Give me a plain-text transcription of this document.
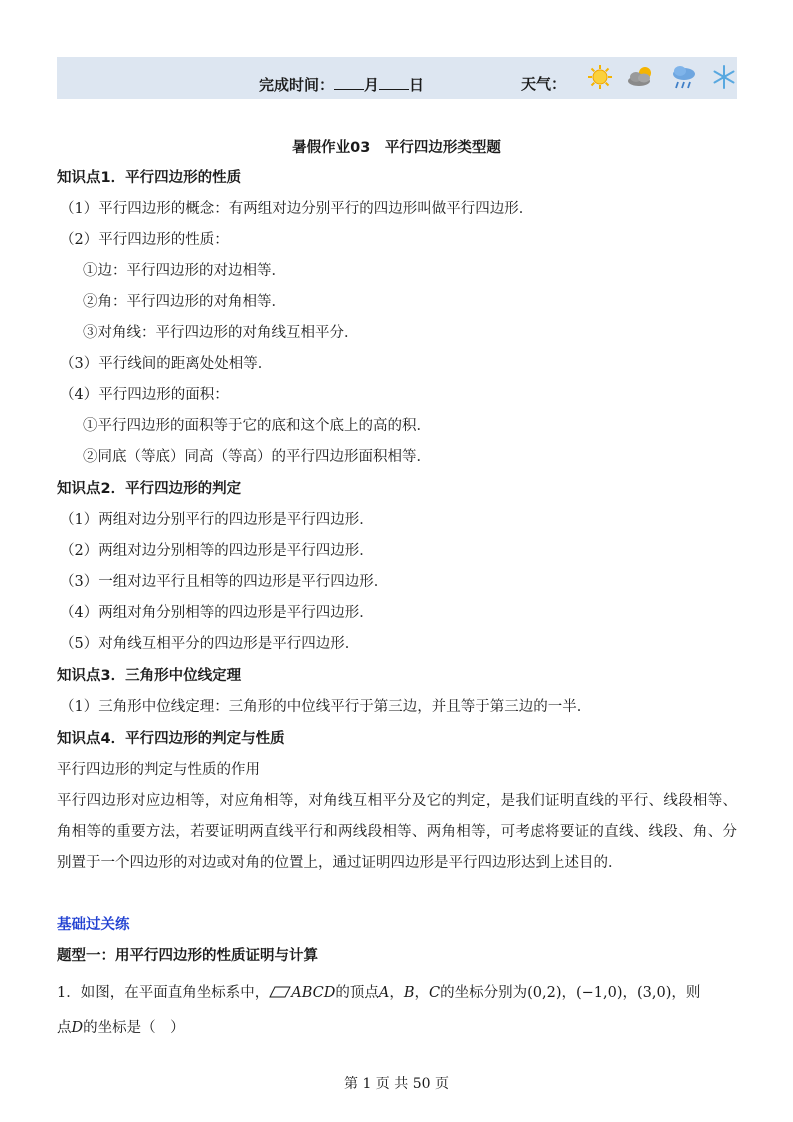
完成时间： 月 日	天气：
暑假作业03　平行四边形类型题
知识点1．平行四边形的性质
（1）平行四边形的概念：有两组对边分别平行的四边形叫做平行四边形．
（2）平行四边形的性质：
①边：平行四边形的对边相等．
②角：平行四边形的对角相等．
③对角线：平行四边形的对角线互相平分．
（3）平行线间的距离处处相等．
（4）平行四边形的面积：
①平行四边形的面积等于它的底和这个底上的高的积．
②同底（等底）同高（等高）的平行四边形面积相等．
知识点2．平行四边形的判定
（1）两组对边分别平行的四边形是平行四边形．
（2）两组对边分别相等的四边形是平行四边形．
（3）一组对边平行且相等的四边形是平行四边形．
（4）两组对角分别相等的四边形是平行四边形．
（5）对角线互相平分的四边形是平行四边形．
知识点3．三角形中位线定理
（1）三角形中位线定理：三角形的中位线平行于第三边，并且等于第三边的一半．
知识点4．平行四边形的判定与性质
平行四边形的判定与性质的作用
平行四边形对应边相等，对应角相等，对角线互相平分及它的判定，是我们证明直线的平行、线段相等、角相等的重要方法，若要证明两直线平行和两线段相等、两角相等，可考虑将要证的直线、线段、角、分别置于一个四边形的对边或对角的位置上，通过证明四边形是平行四边形达到上述目的．
基础过关练
题型一：用平行四边形的性质证明与计算
1．如图，在平面直角坐标系中， ABCD的顶点A，B，C的坐标分别为(0,2)，(−1,0)，(3,0)，则
点D的坐标是（　）
第 1 页 共 50 页
